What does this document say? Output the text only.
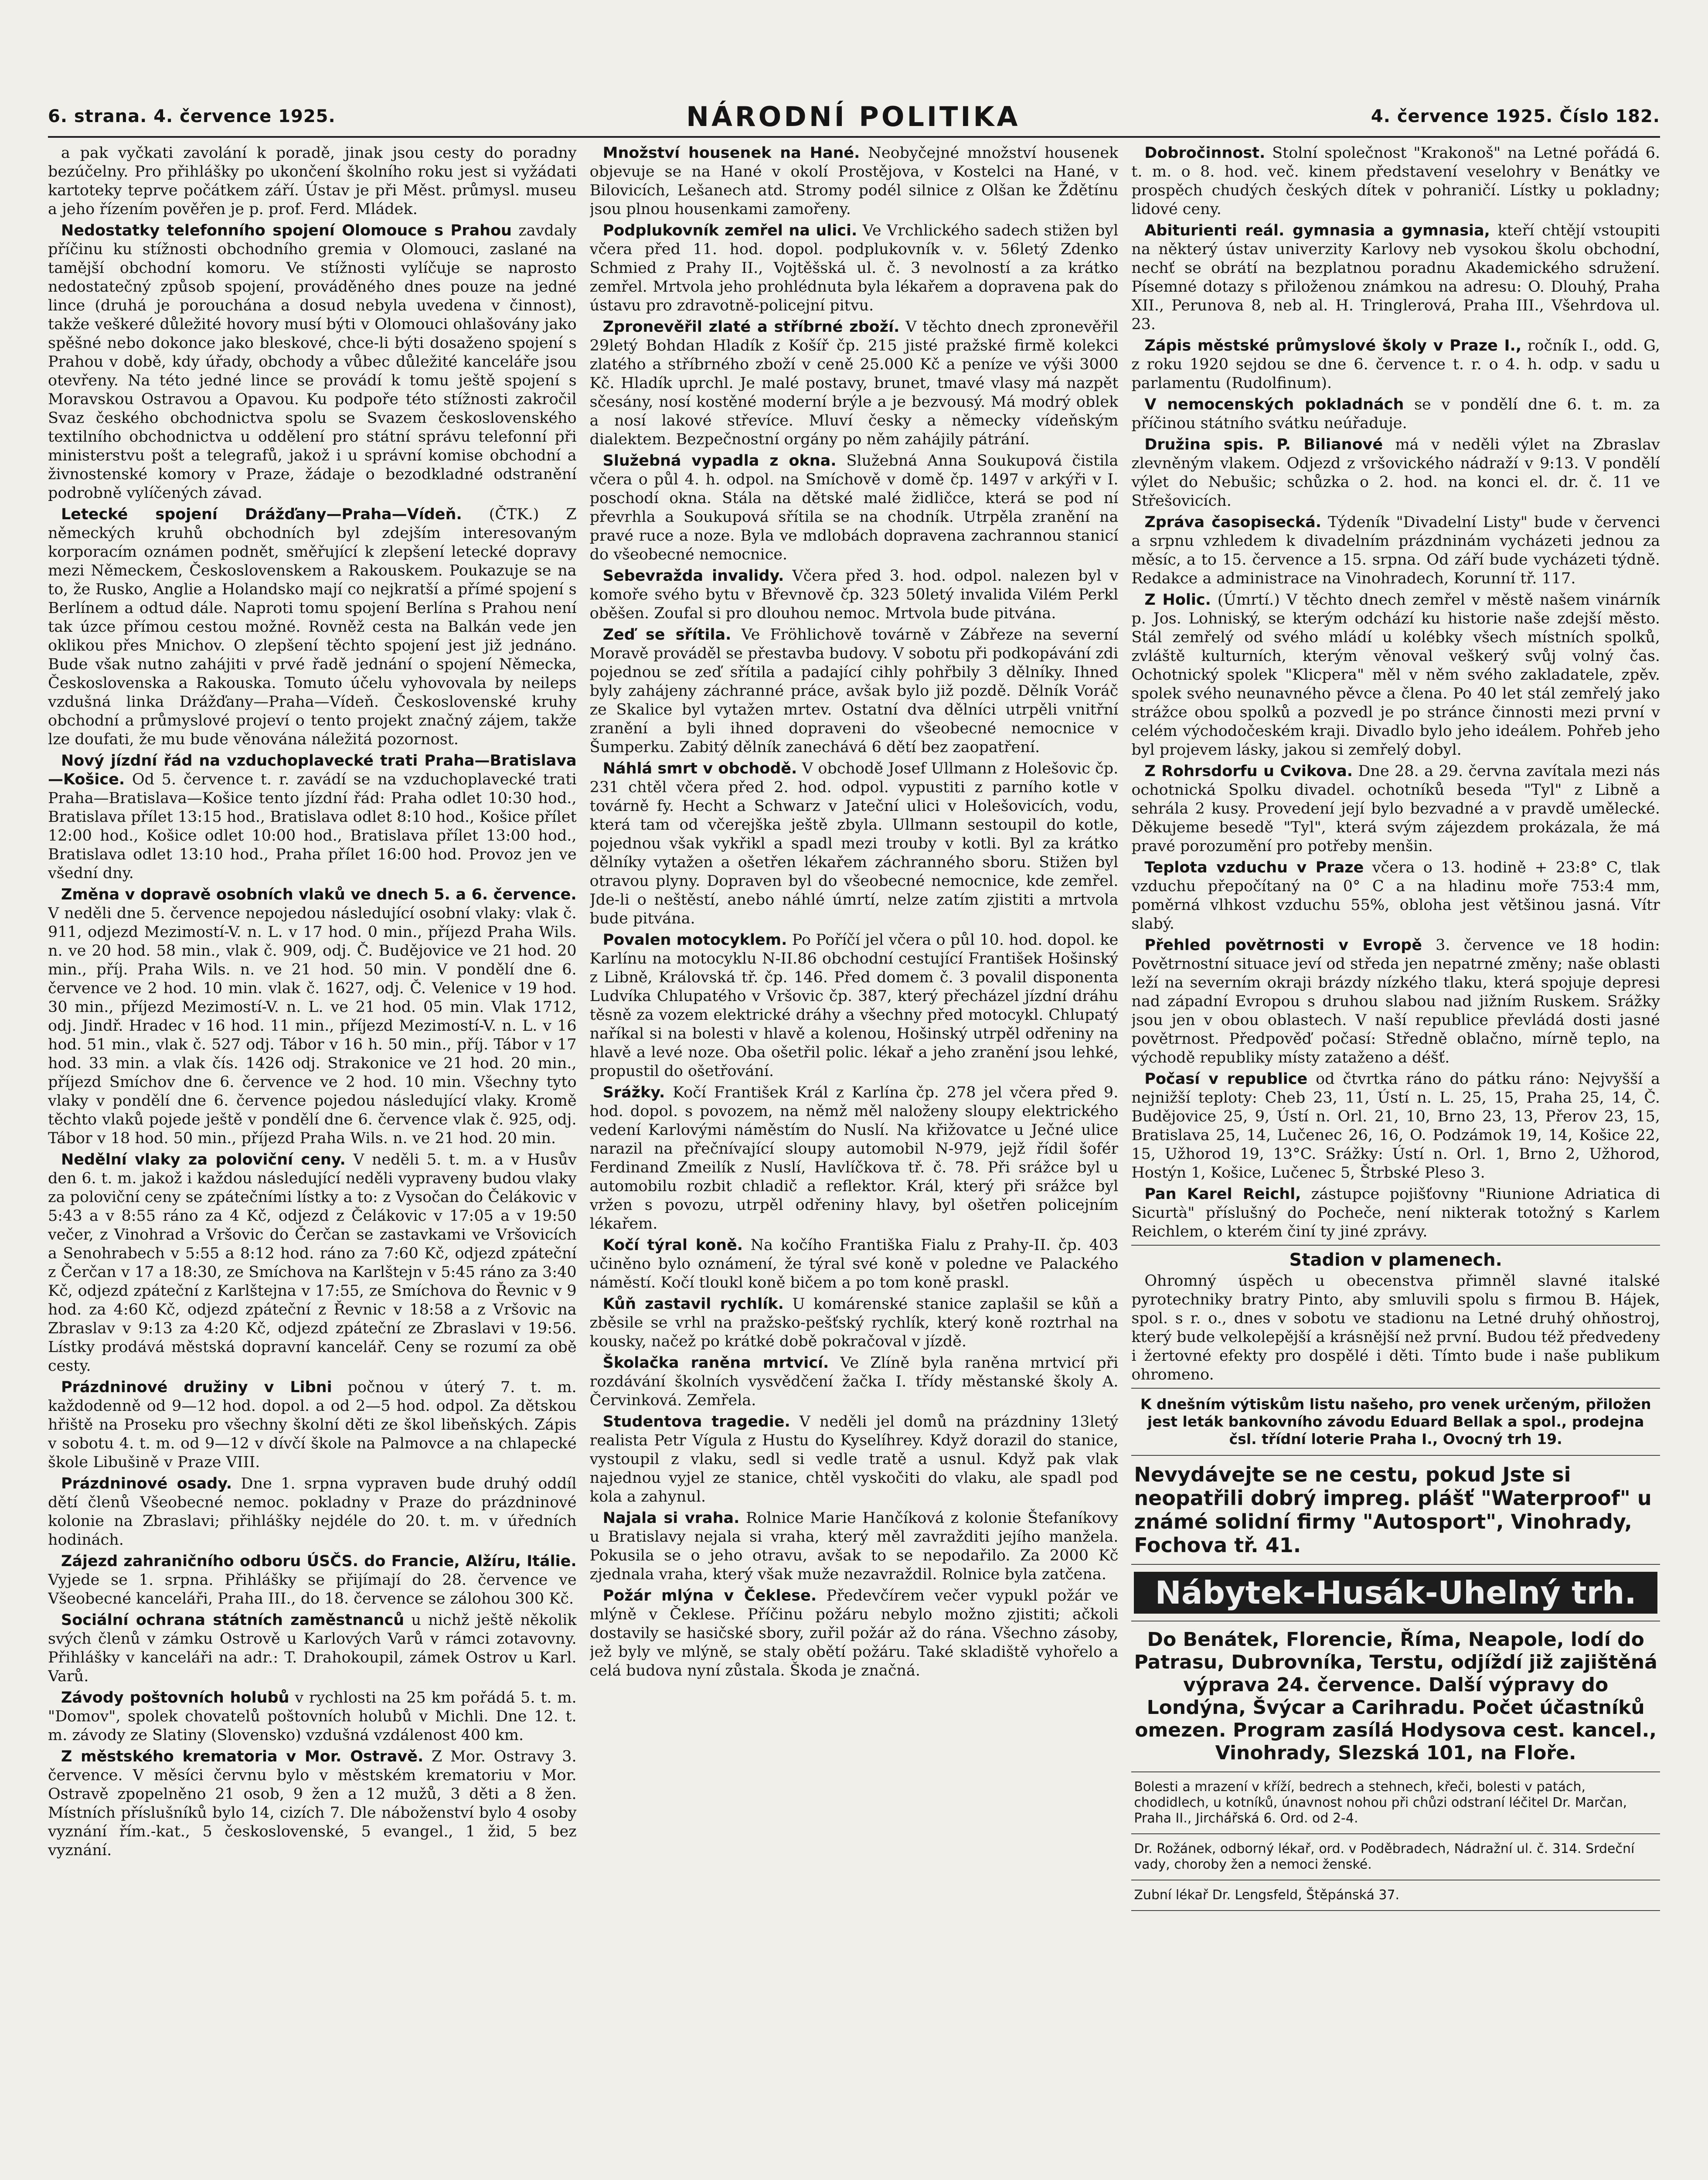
6. strana. 4. července 1925.	NÁRODNÍ POLITIKA	4. července 1925. Číslo 182.

a pak vyčkati zavolání k poradě, jinak jsou cesty do poradny bezúčelny. Pro přihlášky po ukončení školního roku jest si vyžádati kartoteky teprve počátkem září. Ústav je při Měst. průmysl. museu a jeho řízením pověřen je p. prof. Ferd. Mládek.

Nedostatky telefonního spojení Olomouce s Prahou zavdaly příčinu ku stížnosti obchodního gremia v Olomouci, zaslané na tamější obchodní komoru. Ve stížnosti vylíčuje se naprosto nedostatečný způsob spojení, prováděného dnes pouze na jedné lince (druhá je porouchána a dosud nebyla uvedena v činnost), takže veškeré důležité hovory musí býti v Olomouci ohlašovány jako spěšné nebo dokonce jako bleskové, chce-li býti dosaženo spojení s Prahou v době, kdy úřady, obchody a vůbec důležité kanceláře jsou otevřeny. Na této jedné lince se provádí k tomu ještě spojení s Moravskou Ostravou a Opavou. Ku podpoře této stížnosti zakročil Svaz českého obchodnictva spolu se Svazem československého textilního obchodnictva u oddělení pro státní správu telefonní při ministerstvu pošt a telegrafů, jakož i u správní komise obchodní a živnostenské komory v Praze, žádaje o bezodkladné odstranění podrobně vylíčených závad.

Letecké spojení Drážďany—Praha—Vídeň. (ČTK.) Z německých kruhů obchodních byl zdejším interesovaným korporacím oznámen podnět, směřující k zlepšení letecké dopravy mezi Německem, Československem a Rakouskem. Poukazuje se na to, že Rusko, Anglie a Holandsko mají co nejkratší a přímé spojení s Berlínem a odtud dále. Naproti tomu spojení Berlína s Prahou není tak úzce přímou cestou možné. Rovněž cesta na Balkán vede jen oklikou přes Mnichov. O zlepšení těchto spojení jest již jednáno. Bude však nutno zahájiti v prvé řadě jednání o spojení Německa, Československa a Rakouska. Tomuto účelu vyhovovala by neileps vzdušná linka Drážďany—Praha—Vídeň. Československé kruhy obchodní a průmyslové projeví o tento projekt značný zájem, takže lze doufati, že mu bude věnována náležitá pozornost.

Nový jízdní řád na vzduchoplavecké trati Praha—Bratislava—Košice. Od 5. července t. r. zavádí se na vzduchoplavecké trati Praha—Bratislava—Košice tento jízdní řád: Praha odlet 10:30 hod., Bratislava přílet 13:15 hod., Bratislava odlet 8:10 hod., Košice přílet 12:00 hod., Košice odlet 10:00 hod., Bratislava přílet 13:00 hod., Bratislava odlet 13:10 hod., Praha přílet 16:00 hod. Provoz jen ve všední dny.

Změna v dopravě osobních vlaků ve dnech 5. a 6. července. V neděli dne 5. července nepojedou následující osobní vlaky: vlak č. 911, odjezd Mezimostí-V. n. L. v 17 hod. 0 min., příjezd Praha Wils. n. ve 20 hod. 58 min., vlak č. 909, odj. Č. Budějovice ve 21 hod. 20 min., příj. Praha Wils. n. ve 21 hod. 50 min. V pondělí dne 6. července ve 2 hod. 10 min. vlak č. 1627, odj. Č. Velenice v 19 hod. 30 min., příjezd Mezimostí-V. n. L. ve 21 hod. 05 min. Vlak 1712, odj. Jindř. Hradec v 16 hod. 11 min., příjezd Mezimostí-V. n. L. v 16 hod. 51 min., vlak č. 527 odj. Tábor v 16 h. 50 min., příj. Tábor v 17 hod. 33 min. a vlak čís. 1426 odj. Strakonice ve 21 hod. 20 min., příjezd Smíchov dne 6. července ve 2 hod. 10 min. Všechny tyto vlaky v pondělí dne 6. července pojedou následující vlaky. Kromě těchto vlaků pojede ještě v pondělí dne 6. července vlak č. 925, odj. Tábor v 18 hod. 50 min., příjezd Praha Wils. n. ve 21 hod. 20 min.

Nedělní vlaky za poloviční ceny. V neděli 5. t. m. a v Husův den 6. t. m. jakož i každou následující neděli vypraveny budou vlaky za poloviční ceny se zpátečními lístky a to: z Vysočan do Čelákovic v 5:43 a v 8:55 ráno za 4 Kč, odjezd z Čelákovic v 17:05 a v 19:50 večer, z Vinohrad a Vršovic do Čerčan se zastavkami ve Vršovicích a Senohrabech v 5:55 a 8:12 hod. ráno za 7:60 Kč, odjezd zpáteční z Čerčan v 17 a 18:30, ze Smíchova na Karlštejn v 5:45 ráno za 3:40 Kč, odjezd zpáteční z Karlštejna v 17:55, ze Smíchova do Řevnic v 9 hod. za 4:60 Kč, odjezd zpáteční z Řevnic v 18:58 a z Vršovic na Zbraslav v 9:13 za 4:20 Kč, odjezd zpáteční ze Zbraslavi v 19:56. Lístky prodává městská dopravní kancelář. Ceny se rozumí za obě cesty.

Prázdninové družiny v Libni počnou v úterý 7. t. m. každodenně od 9—12 hod. dopol. a od 2—5 hod. odpol. Za dětskou hřiště na Proseku pro všechny školní děti ze škol libeňských. Zápis v sobotu 4. t. m. od 9—12 v dívčí škole na Palmovce a na chlapecké škole Libušině v Praze VIII.

Prázdninové osady. Dne 1. srpna vypraven bude druhý oddíl dětí členů Všeobecné nemoc. pokladny v Praze do prázdninové kolonie na Zbraslavi; přihlášky nejdéle do 20. t. m. v úředních hodinách.

Zájezd zahraničního odboru ÚSČS. do Francie, Alžíru, Itálie. Vyjede se 1. srpna. Přihlášky se přijímají do 28. července ve Všeobecné kanceláři, Praha III., do 18. července se zálohou 300 Kč.

Sociální ochrana státních zaměstnanců u nichž ještě několik svých členů v zámku Ostrově u Karlových Varů v rámci zotavovny. Přihlášky v kanceláři na adr.: T. Drahokoupil, zámek Ostrov u Karl. Varů.

Závody poštovních holubů v rychlosti na 25 km pořádá 5. t. m. "Domov", spolek chovatelů poštovních holubů v Michli. Dne 12. t. m. závody ze Slatiny (Slovensko) vzdušná vzdálenost 400 km.

Z městského krematoria v Mor. Ostravě. Z Mor. Ostravy 3. července. V měsíci červnu bylo v městském krematoriu v Mor. Ostravě zpopelněno 21 osob, 9 žen a 12 mužů, 3 děti a 8 žen. Místních příslušníků bylo 14, cizích 7. Dle náboženství bylo 4 osoby vyznání řím.-kat., 5 československé, 5 evangel., 1 žid, 5 bez vyznání.

Množství housenek na Hané. Neobyčejné množství housenek objevuje se na Hané v okolí Prostějova, v Kostelci na Hané, v Bilovicích, Lešanech atd. Stromy podél silnice z Olšan ke Ždětínu jsou plnou housenkami zamořeny.

Podplukovník zemřel na ulici. Ve Vrchlického sadech stižen byl včera před 11. hod. dopol. podplukovník v. v. 56letý Zdenko Schmied z Prahy II., Vojtěšská ul. č. 3 nevolností a za krátko zemřel. Mrtvola jeho prohlédnuta byla lékařem a dopravena pak do ústavu pro zdravotně-policejní pitvu.

Zpronevěřil zlaté a stříbrné zboží. V těchto dnech zpronevěřil 29letý Bohdan Hladík z Košíř čp. 215 jisté pražské firmě kolekci zlatého a stříbrného zboží v ceně 25.000 Kč a peníze ve výši 3000 Kč. Hladík uprchl. Je malé postavy, brunet, tmavé vlasy má nazpět sčesány, nosí kostěné moderní brýle a je bezvousý. Má modrý oblek a nosí lakové střevíce. Mluví česky a německy vídeňským dialektem. Bezpečnostní orgány po něm zahájily pátrání.

Služebná vypadla z okna. Služebná Anna Soukupová čistila včera o půl 4. h. odpol. na Smíchově v domě čp. 1497 v arkýři v I. poschodí okna. Stála na dětské malé židličce, která se pod ní převrhla a Soukupová sřítila se na chodník. Utrpěla zranění na pravé ruce a noze. Byla ve mdlobách dopravena zachrannou stanicí do všeobecné nemocnice.

Sebevražda invalidy. Včera před 3. hod. odpol. nalezen byl v komoře svého bytu v Břevnově čp. 323 50letý invalida Vilém Perkl oběšen. Zoufal si pro dlouhou nemoc. Mrtvola bude pitvána.

Zeď se sřítila. Ve Fröhlichově továrně v Zábřeze na severní Moravě prováděl se přestavba budovy. V sobotu při podkopávání zdi pojednou se zeď sřítila a padající cihly pohřbily 3 dělníky. Ihned byly zahájeny záchranné práce, avšak bylo již pozdě. Dělník Voráč ze Skalice byl vytažen mrtev. Ostatní dva dělníci utrpěli vnitřní zranění a byli ihned dopraveni do všeobecné nemocnice v Šumperku. Zabitý dělník zanechává 6 dětí bez zaopatření.

Náhlá smrt v obchodě. V obchodě Josef Ullmann z Holešovic čp. 231 chtěl včera před 2. hod. odpol. vypustiti z parního kotle v továrně fy. Hecht a Schwarz v Jateční ulici v Holešovicích, vodu, která tam od včerejška ještě zbyla. Ullmann sestoupil do kotle, pojednou však vykřikl a spadl mezi trouby v kotli. Byl za krátko dělníky vytažen a ošetřen lékařem záchranného sboru. Stižen byl otravou plyny. Dopraven byl do všeobecné nemocnice, kde zemřel. Jde-li o neštěstí, anebo náhlé úmrtí, nelze zatím zjistiti a mrtvola bude pitvána.

Povalen motocyklem. Po Poříčí jel včera o půl 10. hod. dopol. ke Karlínu na motocyklu N-II.86 obchodní cestující František Hošinský z Libně, Královská tř. čp. 146. Před domem č. 3 povalil disponenta Ludvíka Chlupatého v Vršovic čp. 387, který přecházel jízdní dráhu těsně za vozem elektrické dráhy a všechny před motocykl. Chlupatý naříkal si na bolesti v hlavě a kolenou, Hošinský utrpěl odřeniny na hlavě a levé noze. Oba ošetřil polic. lékař a jeho zranění jsou lehké, propustil do ošetřování.

Srážky. Kočí František Král z Karlína čp. 278 jel včera před 9. hod. dopol. s povozem, na němž měl naloženy sloupy elektrického vedení Karlovými náměstím do Nuslí. Na křižovatce u Ječné ulice narazil na přečnívající sloupy automobil N-979, jejž řídil šofér Ferdinand Zmeilík z Nuslí, Havlíčkova tř. č. 78. Při srážce byl u automobilu rozbit chladič a reflektor. Král, který při srážce byl vržen s povozu, utrpěl odřeniny hlavy, byl ošetřen policejním lékařem.

Kočí týral koně. Na kočího Františka Fialu z Prahy-II. čp. 403 učiněno bylo oznámení, že týral své koně v poledne ve Palackého náměstí. Kočí tloukl koně bičem a po tom koně praskl.

Kůň zastavil rychlík. U komárenské stanice zaplašil se kůň a zběsile se vrhl na pražsko-pešťský rychlík, který koně roztrhal na kousky, načež po krátké době pokračoval v jízdě.

Školačka raněna mrtvicí. Ve Zlíně byla raněna mrtvicí při rozdávání školních vysvědčení žačka I. třídy městanské školy A. Červinková. Zemřela.

Studentova tragedie. V neděli jel domů na prázdniny 13letý realista Petr Vígula z Hustu do Kyselíhrey. Když dorazil do stanice, vystoupil z vlaku, sedl si vedle tratě a usnul. Když pak vlak najednou vyjel ze stanice, chtěl vyskočiti do vlaku, ale spadl pod kola a zahynul.

Najala si vraha. Rolnice Marie Hančíková z kolonie Štefaníkovy u Bratislavy nejala si vraha, který měl zavražditi jejího manžela. Pokusila se o jeho otravu, avšak to se nepodařilo. Za 2000 Kč zjednala vraha, který však muže nezavraždil. Rolnice byla zatčena.

Požár mlýna v Čeklese. Předevčírem večer vypukl požár ve mlýně v Čeklese. Příčinu požáru nebylo možno zjistiti; ačkoli dostavily se hasičské sbory, zuřil požár až do rána. Všechno zásoby, jež byly ve mlýně, se staly obětí požáru. Také skladiště vyhořelo a celá budova nyní zůstala. Škoda je značná.

Dobročinnost. Stolní společnost "Krakonoš" na Letné pořádá 6. t. m. o 8. hod. več. kinem představení veselohry v Benátky ve prospěch chudých českých dítek v pohraničí. Lístky u pokladny; lidové ceny.

Abiturienti reál. gymnasia a gymnasia, kteří chtějí vstoupiti na některý ústav univerzity Karlovy neb vysokou školu obchodní, nechť se obrátí na bezplatnou poradnu Akademického sdružení. Písemné dotazy s přiloženou známkou na adresu: O. Dlouhý, Praha XII., Perunova 8, neb al. H. Tringlerová, Praha III., Všehrdova ul. 23.

Zápis městské průmyslové školy v Praze I., ročník I., odd. G, z roku 1920 sejdou se dne 6. července t. r. o 4. h. odp. v sadu u parlamentu (Rudolfinum).

V nemocenských pokladnách se v pondělí dne 6. t. m. za příčinou státního svátku neúřaduje.

Družina spis. P. Bilianové má v neděli výlet na Zbraslav zlevněným vlakem. Odjezd z vršovického nádraží v 9:13. V pondělí výlet do Nebušic; schůzka o 2. hod. na konci el. dr. č. 11 ve Střešovicích.

Zpráva časopisecká. Týdeník "Divadelní Listy" bude v červenci a srpnu vzhledem k divadelním prázdninám vycházeti jednou za měsíc, a to 15. července a 15. srpna. Od září bude vycházeti týdně. Redakce a administrace na Vinohradech, Korunní tř. 117.

Z Holic. (Úmrtí.) V těchto dnech zemřel v městě našem vinárník p. Jos. Lohniský, se kterým odchází ku historie naše zdejší město. Stál zemřelý od svého mládí u kolébky všech místních spolků, zvláště kulturních, kterým věnoval veškerý svůj volný čas. Ochotnický spolek "Klicpera" měl v něm svého zakladatele, zpěv. spolek svého neunavného pěvce a člena. Po 40 let stál zemřelý jako strážce obou spolků a pozvedl je po stránce činnosti mezi první v celém východočeském kraji. Divadlo bylo jeho ideálem. Pohřeb jeho byl projevem lásky, jakou si zemřelý dobyl.

Z Rohrsdorfu u Cvikova. Dne 28. a 29. června zavítala mezi nás ochotnická Spolku divadel. ochotníků beseda "Tyl" z Libně a sehrála 2 kusy. Provedení její bylo bezvadné a v pravdě umělecké. Děkujeme besedě "Tyl", která svým zájezdem prokázala, že má pravé porozumění pro potřeby menšin.

Teplota vzduchu v Praze včera o 13. hodině + 23:8° C, tlak vzduchu přepočítaný na 0° C a na hladinu moře 753:4 mm, poměrná vlhkost vzduchu 55%, obloha jest většinou jasná. Vítr slabý.

Přehled povětrnosti v Evropě 3. července ve 18 hodin: Povětrnostní situace jeví od středa jen nepatrné změny; naše oblasti leží na severním okraji brázdy nízkého tlaku, která spojuje depresi nad západní Evropou s druhou slabou nad jižním Ruskem. Srážky jsou jen v obou oblastech. V naší republice převládá dosti jasné povětrnost. Předpověď počasí: Středně oblačno, mírně teplo, na východě republiky místy zataženo a déšť.

Počasí v republice od čtvrtka ráno do pátku ráno: Nejvyšší a nejnižší teploty: Cheb 23, 11, Ústí n. L. 25, 15, Praha 25, 14, Č. Budějovice 25, 9, Ústí n. Orl. 21, 10, Brno 23, 13, Přerov 23, 15, Bratislava 25, 14, Lučenec 26, 16, O. Podzámok 19, 14, Košice 22, 15, Užhorod 19, 13°C. Srážky: Ústí n. Orl. 1, Brno 2, Užhorod, Hostýn 1, Košice, Lučenec 5, Štrbské Pleso 3.

Pan Karel Reichl, zástupce pojišťovny "Riunione Adriatica di Sicurtà" příslušný do Pocheče, není nikterak totožný s Karlem Reichlem, o kterém činí ty jiné zprávy.

Stadion v plamenech.

Ohromný úspěch u obecenstva přimněl slavné italské pyrotechniky bratry Pinto, aby smluvili spolu s firmou B. Hájek, spol. s r. o., dnes v sobotu ve stadionu na Letné druhý ohňostroj, který bude velkolepější a krásnější než první. Budou též předvedeny i žertovné efekty pro dospělé i děti. Tímto bude i naše publikum ohromeno.

K dnešním výtiskům listu našeho, pro venek určeným, přiložen jest leták bankovního závodu Eduard Bellak a spol., prodejna čsl. třídní loterie Praha I., Ovocný trh 19.
Nevydávejte se ne cestu, pokud Jste si neopatřili dobrý impreg. plášť "Waterproof" u známé solidní firmy "Autosport", Vinohrady, Fochova tř. 41.
Nábytek-Husák-Uhelný trh.
Do Benátek, Florencie, Říma, Neapole, lodí do Patrasu, Dubrovníka, Terstu, odjíždí již zajištěná výprava 24. července. Další výpravy do Londýna, Švýcar a Carihradu. Počet účastníků omezen. Program zasílá Hodysova cest. kancel., Vinohrady, Slezská 101, na Floře.
Bolesti a mrazení v kříží, bedrech a stehnech, křeči, bolesti v patách, chodidlech, u kotníků, únavnost nohou při chůzi odstraní léčitel Dr. Marčan, Praha II., Jirchářská 6. Ord. od 2-4.
Dr. Rožánek, odborný lékař, ord. v Poděbradech, Nádražní ul. č. 314. Srdeční vady, choroby žen a nemoci ženské.
Zubní lékař Dr. Lengsfeld, Štěpánská 37.
